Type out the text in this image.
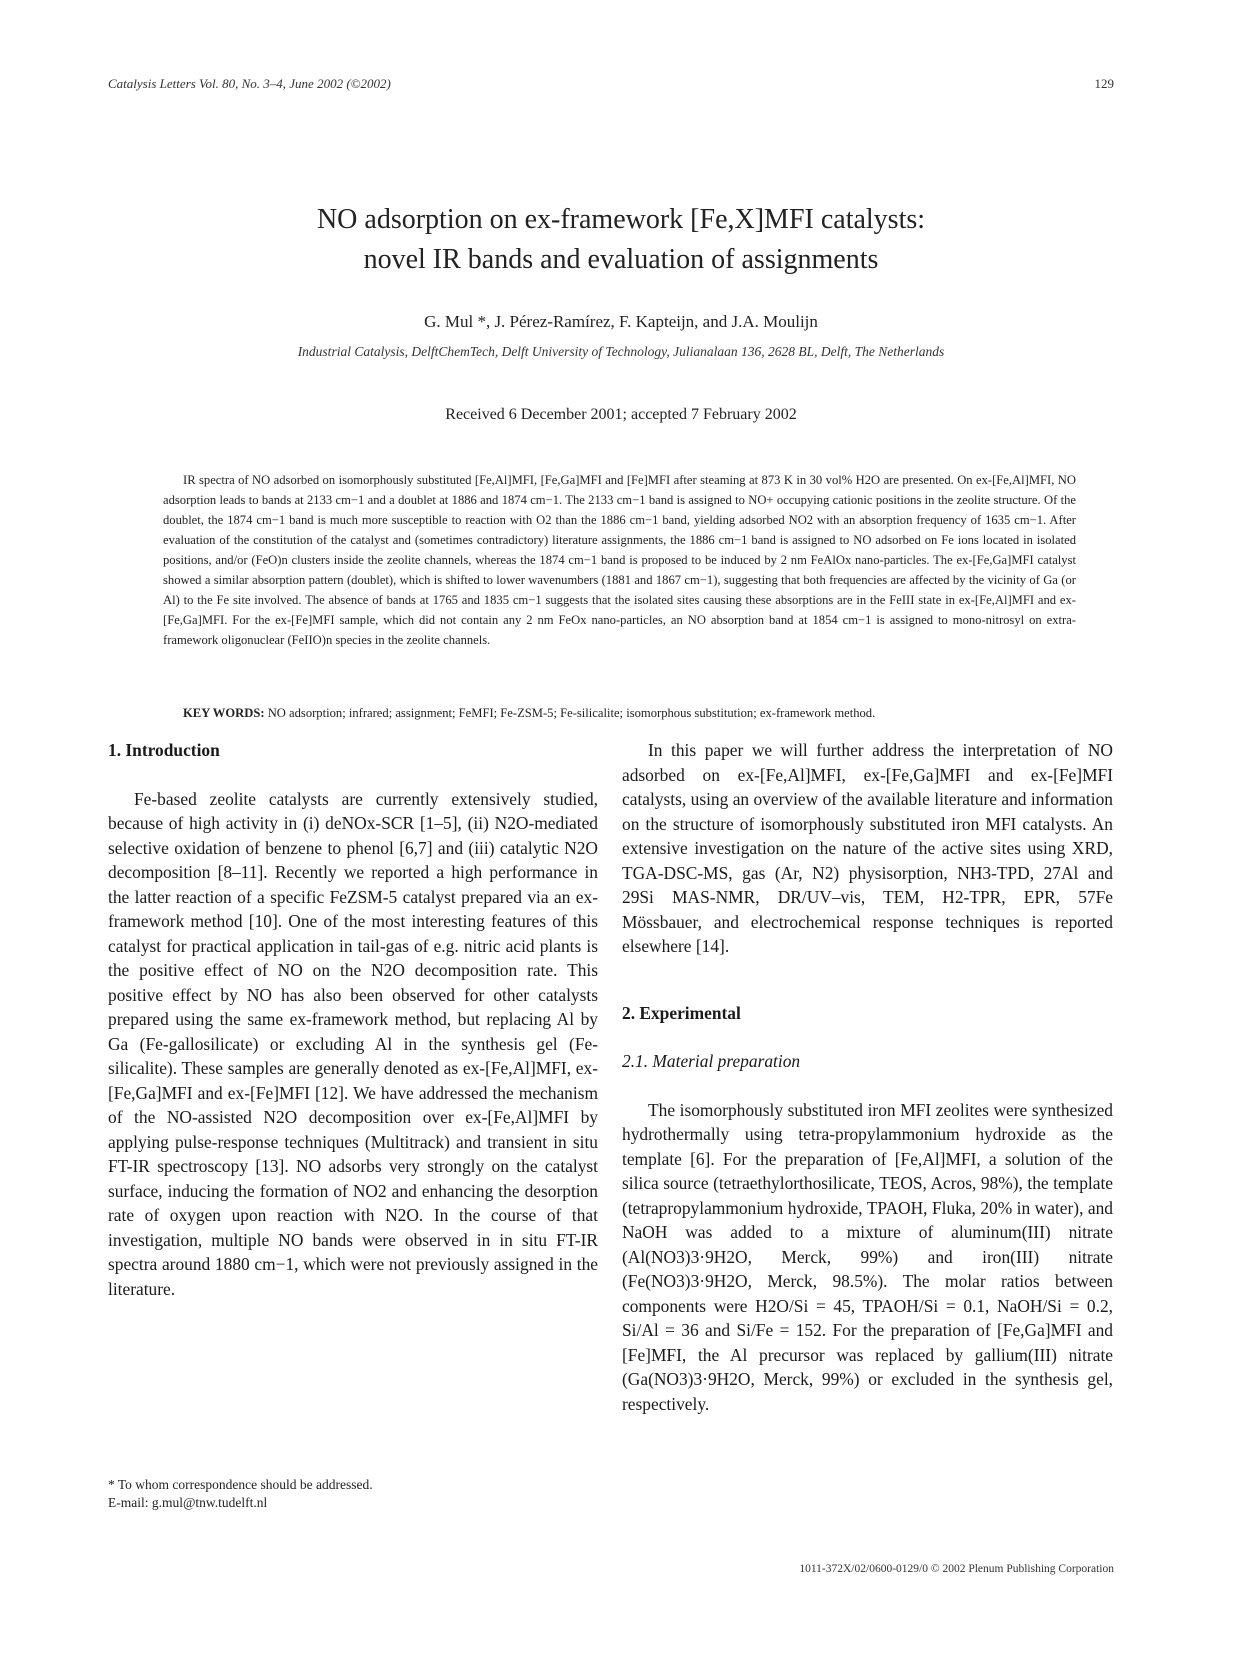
Catalysis Letters Vol. 80, No. 3–4, June 2002 (©2002)	129
NO adsorption on ex-framework [Fe,X]MFI catalysts:
novel IR bands and evaluation of assignments
G. Mul *, J. Pérez-Ramírez, F. Kapteijn, and J.A. Moulijn
Industrial Catalysis, DelftChemTech, Delft University of Technology, Julianalaan 136, 2628 BL, Delft, The Netherlands
Received 6 December 2001; accepted 7 February 2002

IR spectra of NO adsorbed on isomorphously substituted [Fe,Al]MFI, [Fe,Ga]MFI and [Fe]MFI after steaming at 873 K in 30 vol% H2O are presented. On ex-[Fe,Al]MFI, NO adsorption leads to bands at 2133 cm−1 and a doublet at 1886 and 1874 cm−1. The 2133 cm−1 band is assigned to NO+ occupying cationic positions in the zeolite structure. Of the doublet, the 1874 cm−1 band is much more susceptible to reaction with O2 than the 1886 cm−1 band, yielding adsorbed NO2 with an absorption frequency of 1635 cm−1. After evaluation of the constitution of the catalyst and (sometimes contradictory) literature assignments, the 1886 cm−1 band is assigned to NO adsorbed on Fe ions located in isolated positions, and/or (FeO)n clusters inside the zeolite channels, whereas the 1874 cm−1 band is proposed to be induced by 2 nm FeAlOx nano-particles. The ex-[Fe,Ga]MFI catalyst showed a similar absorption pattern (doublet), which is shifted to lower wavenumbers (1881 and 1867 cm−1), suggesting that both frequencies are affected by the vicinity of Ga (or Al) to the Fe site involved. The absence of bands at 1765 and 1835 cm−1 suggests that the isolated sites causing these absorptions are in the FeIII state in ex-[Fe,Al]MFI and ex-[Fe,Ga]MFI. For the ex-[Fe]MFI sample, which did not contain any 2 nm FeOx nano-particles, an NO absorption band at 1854 cm−1 is assigned to mono-nitrosyl on extra-framework oligonuclear (FeIIO)n species in the zeolite channels.

KEY WORDS: NO adsorption; infrared; assignment; FeMFI; Fe-ZSM-5; Fe-silicalite; isomorphous substitution; ex-framework method.
1. Introduction

Fe-based zeolite catalysts are currently extensively studied, because of high activity in (i) deNOx-SCR [1–5], (ii) N2O-mediated selective oxidation of benzene to phenol [6,7] and (iii) catalytic N2O decomposition [8–11]. Recently we reported a high performance in the latter reaction of a specific FeZSM-5 catalyst prepared via an ex-framework method [10]. One of the most interesting features of this catalyst for practical application in tail-gas of e.g. nitric acid plants is the positive effect of NO on the N2O decomposition rate. This positive effect by NO has also been observed for other catalysts prepared using the same ex-framework method, but replacing Al by Ga (Fe-gallosilicate) or excluding Al in the synthesis gel (Fe-silicalite). These samples are generally denoted as ex-[Fe,Al]MFI, ex-[Fe,Ga]MFI and ex-[Fe]MFI [12]. We have addressed the mechanism of the NO-assisted N2O decomposition over ex-[Fe,Al]MFI by applying pulse-response techniques (Multitrack) and transient in situ FT-IR spectroscopy [13]. NO adsorbs very strongly on the catalyst surface, inducing the formation of NO2 and enhancing the desorption rate of oxygen upon reaction with N2O. In the course of that investigation, multiple NO bands were observed in in situ FT-IR spectra around 1880 cm−1, which were not previously assigned in the literature.

In this paper we will further address the interpretation of NO adsorbed on ex-[Fe,Al]MFI, ex-[Fe,Ga]MFI and ex-[Fe]MFI catalysts, using an overview of the available literature and information on the structure of isomorphously substituted iron MFI catalysts. An extensive investigation on the nature of the active sites using XRD, TGA-DSC-MS, gas (Ar, N2) physisorption, NH3-TPD, 27Al and 29Si MAS-NMR, DR/UV–vis, TEM, H2-TPR, EPR, 57Fe Mössbauer, and electrochemical response techniques is reported elsewhere [14].

2. Experimental
2.1. Material preparation

The isomorphously substituted iron MFI zeolites were synthesized hydrothermally using tetra-propylammonium hydroxide as the template [6]. For the preparation of [Fe,Al]MFI, a solution of the silica source (tetraethylorthosilicate, TEOS, Acros, 98%), the template (tetrapropylammonium hydroxide, TPAOH, Fluka, 20% in water), and NaOH was added to a mixture of aluminum(III) nitrate (Al(NO3)3·9H2O, Merck, 99%) and iron(III) nitrate (Fe(NO3)3·9H2O, Merck, 98.5%). The molar ratios between components were H2O/Si = 45, TPAOH/Si = 0.1, NaOH/Si = 0.2, Si/Al = 36 and Si/Fe = 152. For the preparation of [Fe,Ga]MFI and [Fe]MFI, the Al precursor was replaced by gallium(III) nitrate (Ga(NO3)3·9H2O, Merck, 99%) or excluded in the synthesis gel, respectively.

* To whom correspondence should be addressed.
E-mail: g.mul@tnw.tudelft.nl
1011-372X/02/0600-0129/0 © 2002 Plenum Publishing Corporation
